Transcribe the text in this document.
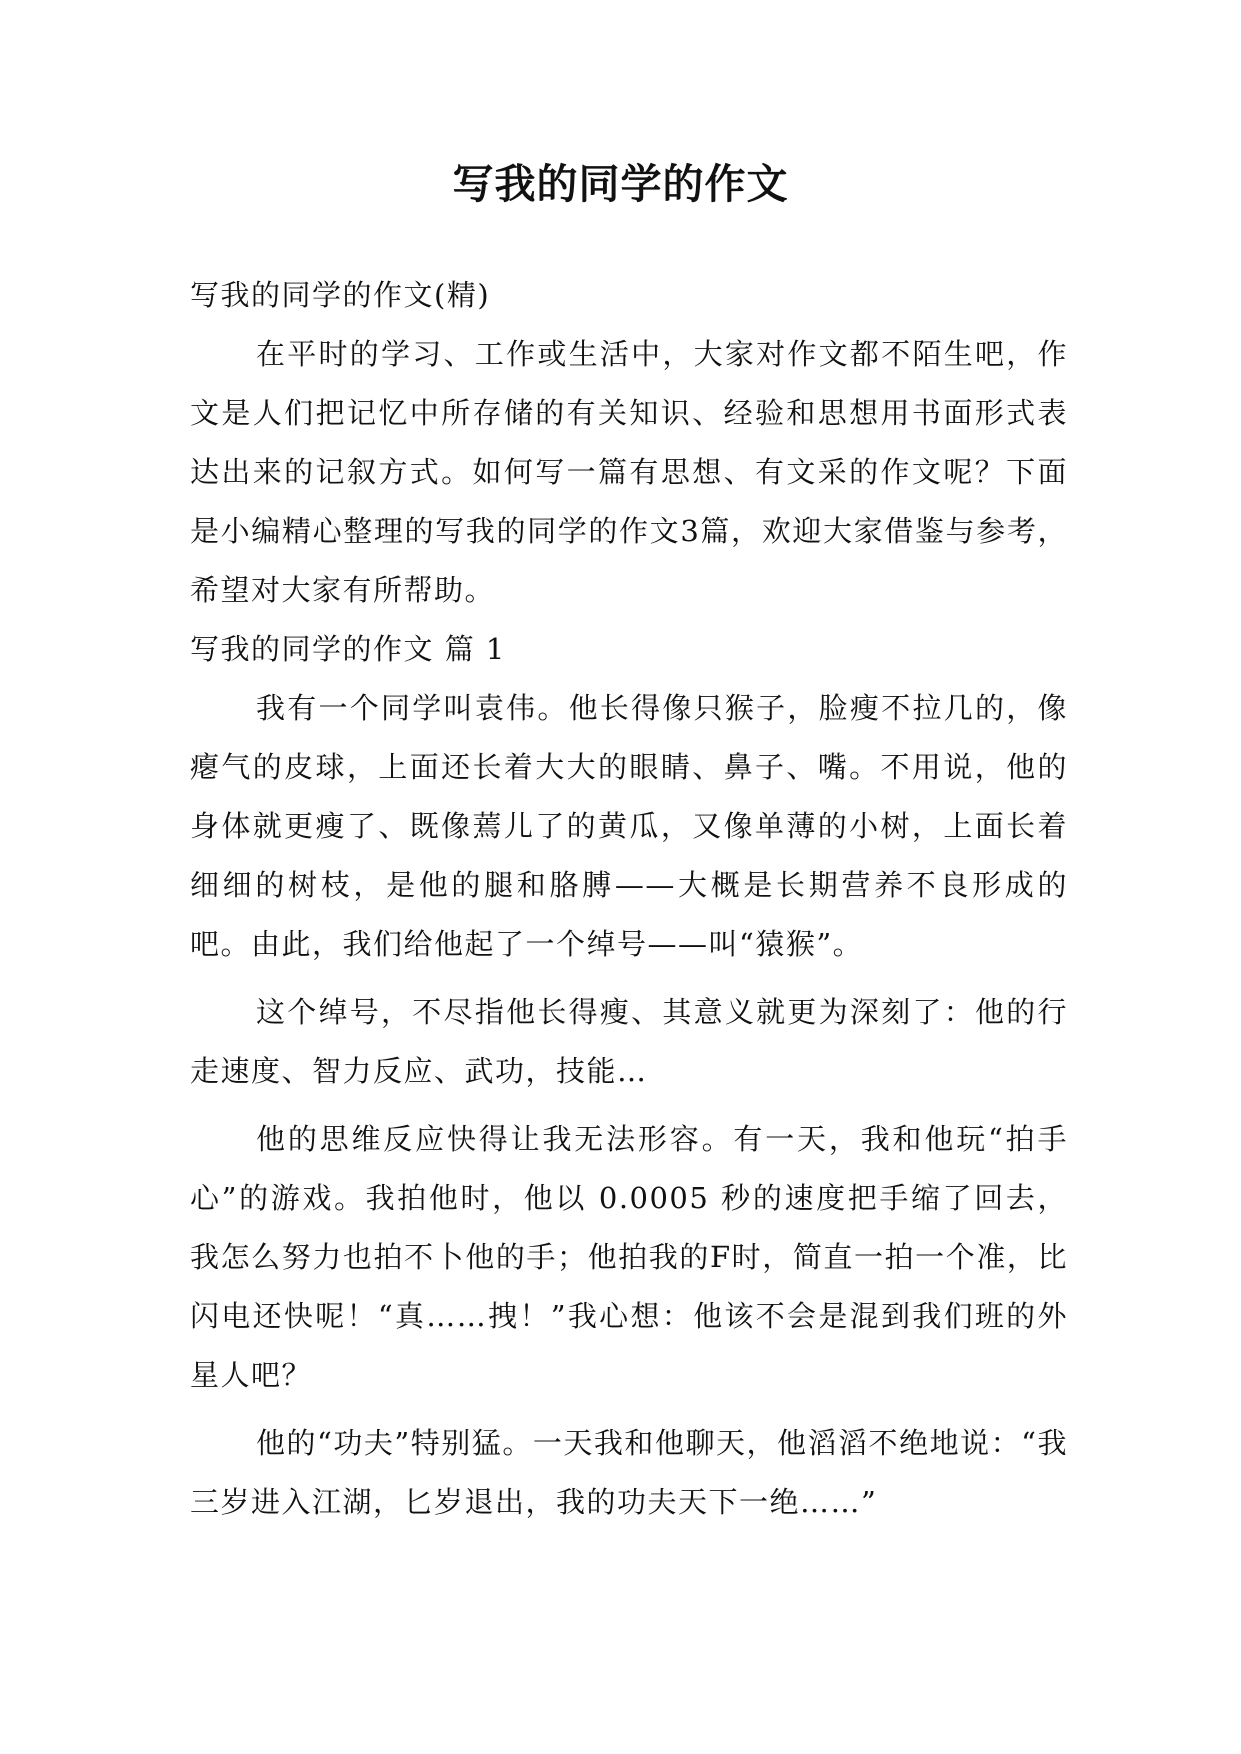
写我的同学的作文

写我的同学的作文(精)

在平时的学习、工作或生活中，大家对作文都不陌生吧，作文是人们把记忆中所存储的有关知识、经验和思想用书面形式表达出来的记叙方式。如何写一篇有思想、有文采的作文呢？下面是小编精心整理的写我的同学的作文3篇，欢迎大家借鉴与参考，希望对大家有所帮助。

写我的同学的作文 篇 1

我有一个同学叫袁伟。他长得像只猴子，脸瘦不拉几的，像瘪气的皮球，上面还长着大大的眼睛、鼻子、嘴。不用说，他的身体就更瘦了、既像蔫儿了的黄瓜，又像单薄的小树，上面长着细细的树枝，是他的腿和胳膊——大概是长期营养不良形成的吧。由此，我们给他起了一个绰号——叫“猿猴”。

这个绰号，不尽指他长得瘦、其意义就更为深刻了：他的行走速度、智力反应、武功，技能…

他的思维反应快得让我无法形容。有一天，我和他玩“拍手心”的游戏。我拍他时，他以 0.0005 秒的速度把手缩了回去，我怎么努力也拍不卜他的手；他拍我的F时，简直一拍一个准，比闪电还快呢！“真……拽！”我心想：他该不会是混到我们班的外星人吧？

他的“功夫”特别猛。一天我和他聊天，他滔滔不绝地说：“我三岁进入江湖，匕岁退出，我的功夫天下一绝……”
